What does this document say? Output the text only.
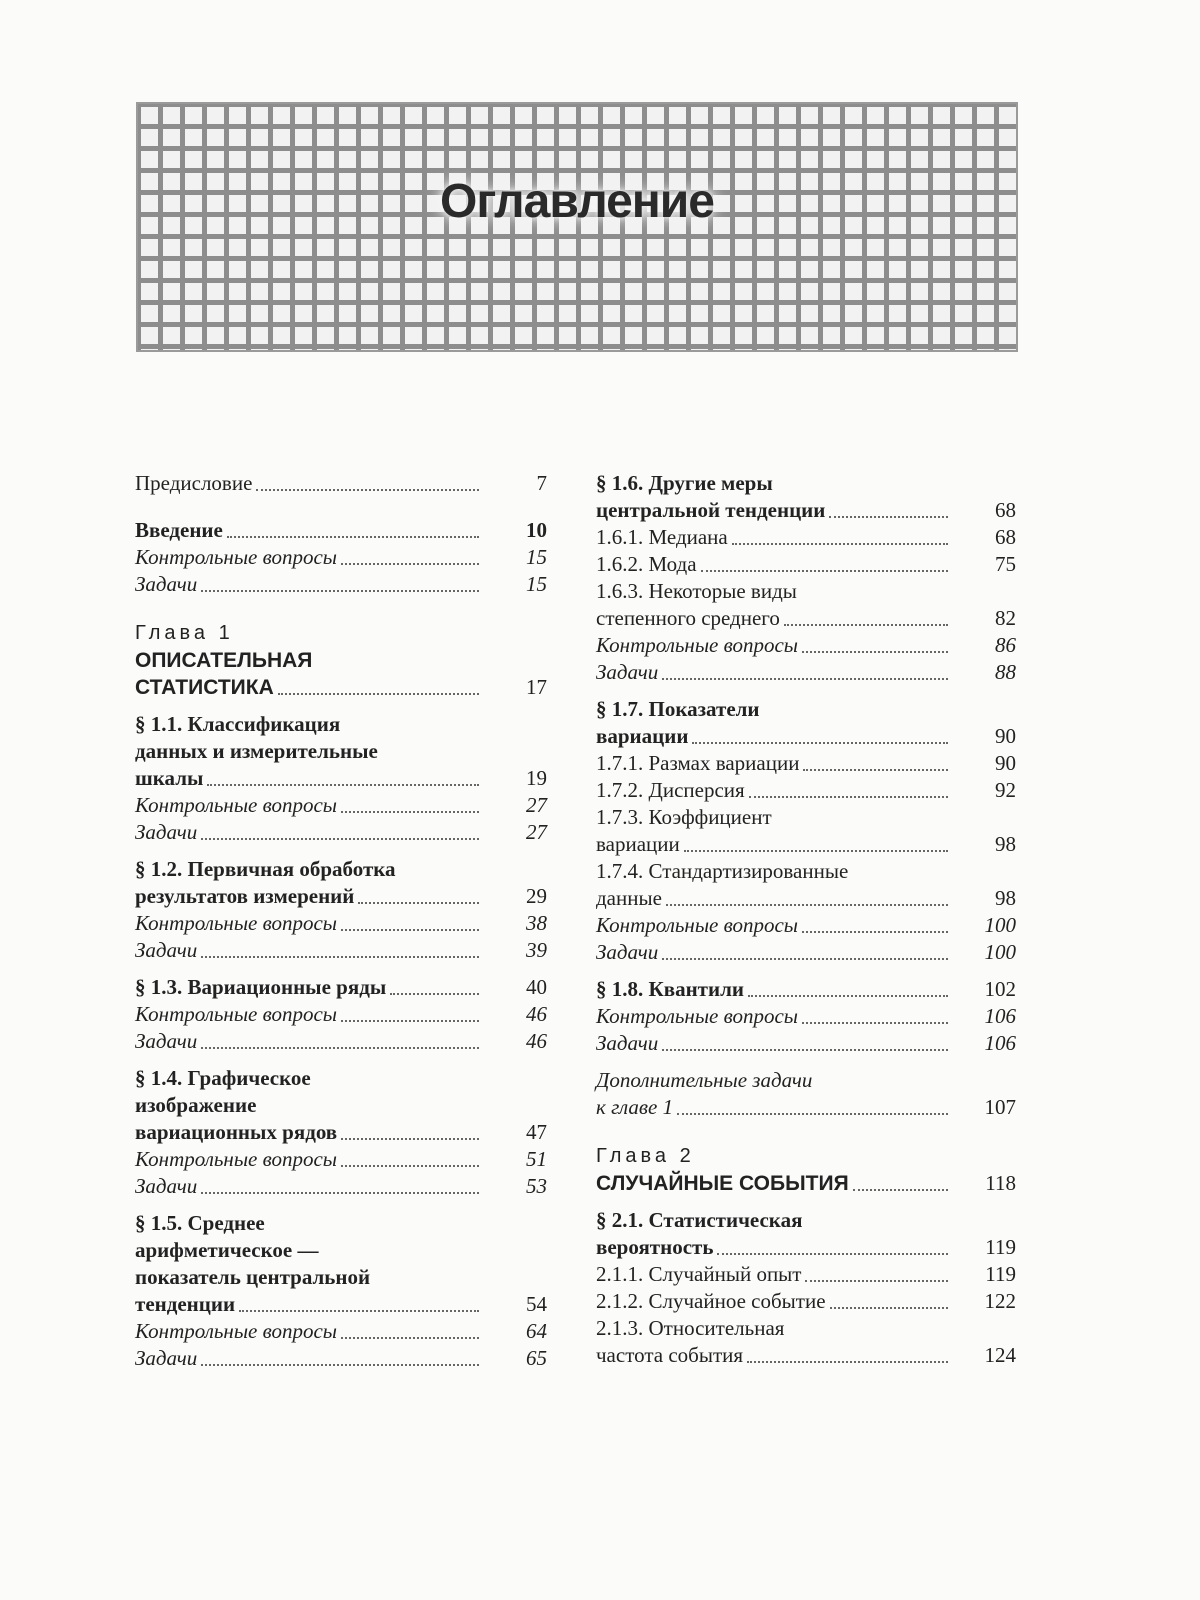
Оглавление
Предисловие	7
Введение	10
Контрольные вопросы	15
Задачи	15
Глава 1
ОПИСАТЕЛЬНАЯ
СТАТИСТИКА	17
§ 1.1. Классификация
данных и измерительные
шкалы	19
Контрольные вопросы	27
Задачи	27
§ 1.2. Первичная обработка
результатов измерений	29
Контрольные вопросы	38
Задачи	39
§ 1.3. Вариационные ряды	40
Контрольные вопросы	46
Задачи	46
§ 1.4. Графическое
изображение
вариационных рядов	47
Контрольные вопросы	51
Задачи	53
§ 1.5. Среднее
арифметическое —
показатель центральной
тенденции	54
Контрольные вопросы	64
Задачи	65
§ 1.6. Другие меры
центральной тенденции	68
1.6.1. Медиана	68
1.6.2. Мода	75
1.6.3. Некоторые виды
степенного среднего	82
Контрольные вопросы	86
Задачи	88
§ 1.7. Показатели
вариации	90
1.7.1. Размах вариации	90
1.7.2. Дисперсия	92
1.7.3. Коэффициент
вариации	98
1.7.4. Стандартизированные
данные	98
Контрольные вопросы	100
Задачи	100
§ 1.8. Квантили	102
Контрольные вопросы	106
Задачи	106
Дополнительные задачи
к главе 1	107
Глава 2
СЛУЧАЙНЫЕ СОБЫТИЯ	118
§ 2.1. Статистическая
вероятность	119
2.1.1. Случайный опыт	119
2.1.2. Случайное событие	122
2.1.3. Относительная
частота события	124
